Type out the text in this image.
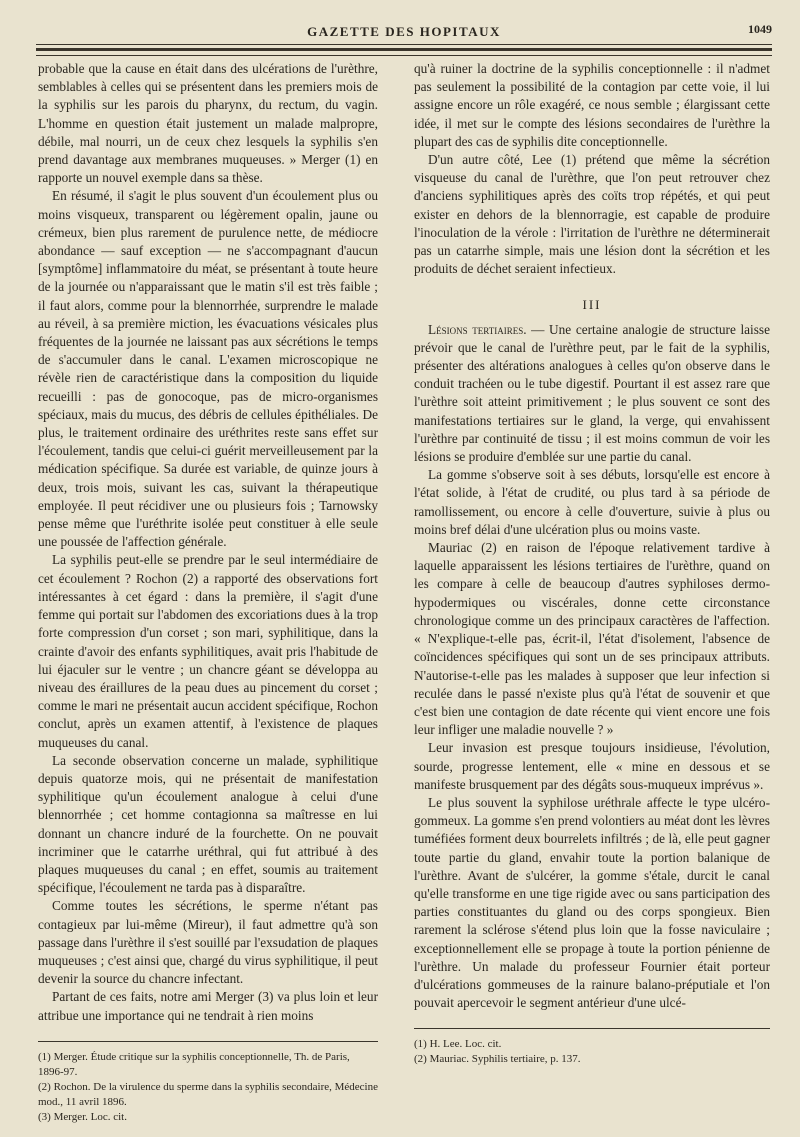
GAZETTE DES HOPITAUX	1049

probable que la cause en était dans des ulcérations de l'urèthre, semblables à celles qui se présentent dans les premiers mois de la syphilis sur les parois du pharynx, du rectum, du vagin. L'homme en question était justement un malade malpropre, débile, mal nourri, un de ceux chez lesquels la syphilis s'en prend davantage aux membranes muqueuses. » Merger (1) en rapporte un nouvel exemple dans sa thèse.

En résumé, il s'agit le plus souvent d'un écoulement plus ou moins visqueux, transparent ou légèrement opalin, jaune ou crémeux, bien plus rarement de purulence nette, de médiocre abondance — sauf exception — ne s'accompagnant d'aucun [symptôme] inflammatoire du méat, se présentant à toute heure de la journée ou n'apparaissant que le matin s'il est très faible ; il faut alors, comme pour la blennorrhée, surprendre le malade au réveil, à sa première miction, les évacuations vésicales plus fréquentes de la journée ne laissant pas aux sécrétions le temps de s'accumuler dans le canal. L'examen microscopique ne révèle rien de caractéristique dans la composition du liquide recueilli : pas de gonocoque, pas de micro-organismes spéciaux, mais du mucus, des débris de cellules épithéliales. De plus, le traitement ordinaire des uréthrites reste sans effet sur l'écoulement, tandis que celui-ci guérit merveilleusement par la médication spécifique. Sa durée est variable, de quinze jours à deux, trois mois, suivant les cas, suivant la thérapeutique employée. Il peut récidiver une ou plusieurs fois ; Tarnowsky pense même que l'uréthrite isolée peut constituer à elle seule une poussée de l'affection générale.

La syphilis peut-elle se prendre par le seul intermédiaire de cet écoulement ? Rochon (2) a rapporté des observations fort intéressantes à cet égard : dans la première, il s'agit d'une femme qui portait sur l'abdomen des excoriations dues à la trop forte compression d'un corset ; son mari, syphilitique, dans la crainte d'avoir des enfants syphilitiques, avait pris l'habitude de lui éjaculer sur le ventre ; un chancre géant se développa au niveau des éraillures de la peau dues au pincement du corset ; comme le mari ne présentait aucun accident spécifique, Rochon conclut, après un examen attentif, à l'existence de plaques muqueuses du canal.

La seconde observation concerne un malade, syphilitique depuis quatorze mois, qui ne présentait de manifestation syphilitique qu'un écoulement analogue à celui d'une blennorrhée ; cet homme contagionna sa maîtresse en lui donnant un chancre induré de la fourchette. On ne pouvait incriminer que le catarrhe uréthral, qui fut attribué à des plaques muqueuses du canal ; en effet, soumis au traitement spécifique, l'écoulement ne tarda pas à disparaître.

Comme toutes les sécrétions, le sperme n'étant pas contagieux par lui-même (Mireur), il faut admettre qu'à son passage dans l'urèthre il s'est souillé par l'exsudation de plaques muqueuses ; c'est ainsi que, chargé du virus syphilitique, il peut devenir la source du chancre infectant.

Partant de ces faits, notre ami Merger (3) va plus loin et leur attribue une importance qui ne tendrait à rien moins

(1) Merger. Étude critique sur la syphilis conceptionnelle, Th. de Paris, 1896-97.

(2) Rochon. De la virulence du sperme dans la syphilis secondaire, Médecine mod., 11 avril 1896.

(3) Merger. Loc. cit.

qu'à ruiner la doctrine de la syphilis conceptionnelle : il n'admet pas seulement la possibilité de la contagion par cette voie, il lui assigne encore un rôle exagéré, ce nous semble ; élargissant cette idée, il met sur le compte des lésions secondaires de l'urèthre la plupart des cas de syphilis dite conceptionnelle.

D'un autre côté, Lee (1) prétend que même la sécrétion visqueuse du canal de l'urèthre, que l'on peut retrouver chez d'anciens syphilitiques après des coïts trop répétés, et qui peut exister en dehors de la blennorragie, est capable de produire l'inoculation de la vérole : l'irritation de l'urèthre ne déterminerait pas un catarrhe simple, mais une lésion dont la sécrétion et les produits de déchet seraient infectieux.

III

Lésions tertiaires. — Une certaine analogie de structure laisse prévoir que le canal de l'urèthre peut, par le fait de la syphilis, présenter des altérations analogues à celles qu'on observe dans le conduit trachéen ou le tube digestif. Pourtant il est assez rare que l'urèthre soit atteint primitivement ; le plus souvent ce sont des manifestations tertiaires sur le gland, la verge, qui envahissent l'urèthre par continuité de tissu ; il est moins commun de voir les lésions se produire d'emblée sur une partie du canal.

La gomme s'observe soit à ses débuts, lorsqu'elle est encore à l'état solide, à l'état de crudité, ou plus tard à sa période de ramollissement, ou encore à celle d'ouverture, suivie à plus ou moins bref délai d'une ulcération plus ou moins vaste.

Mauriac (2) en raison de l'époque relativement tardive à laquelle apparaissent les lésions tertiaires de l'urèthre, quand on les compare à celle de beaucoup d'autres syphiloses dermo-hypodermiques ou viscérales, donne cette circonstance chronologique comme un des principaux caractères de l'affection. « N'explique-t-elle pas, écrit-il, l'état d'isolement, l'absence de coïncidences spécifiques qui sont un de ses principaux attributs. N'autorise-t-elle pas les malades à supposer que leur infection si reculée dans le passé n'existe plus qu'à l'état de souvenir et que c'est bien une contagion de date récente qui vient encore une fois leur infliger une maladie nouvelle ? »

Leur invasion est presque toujours insidieuse, l'évolution, sourde, progresse lentement, elle « mine en dessous et se manifeste brusquement par des dégâts sous-muqueux imprévus ».

Le plus souvent la syphilose uréthrale affecte le type ulcéro-gommeux. La gomme s'en prend volontiers au méat dont les lèvres tuméfiées forment deux bourrelets infiltrés ; de là, elle peut gagner toute partie du gland, envahir toute la portion balanique de l'urèthre. Avant de s'ulcérer, la gomme s'étale, durcit le canal qu'elle transforme en une tige rigide avec ou sans participation des parties constituantes du gland ou des corps spongieux. Bien rarement la sclérose s'étend plus loin que la fosse naviculaire ; exceptionnellement elle se propage à toute la portion pénienne de l'urèthre. Un malade du professeur Fournier était porteur d'ulcérations gommeuses de la rainure balano-préputiale et l'on pouvait apercevoir le segment antérieur d'une ulcé-

(1) H. Lee. Loc. cit.

(2) Mauriac. Syphilis tertiaire, p. 137.
